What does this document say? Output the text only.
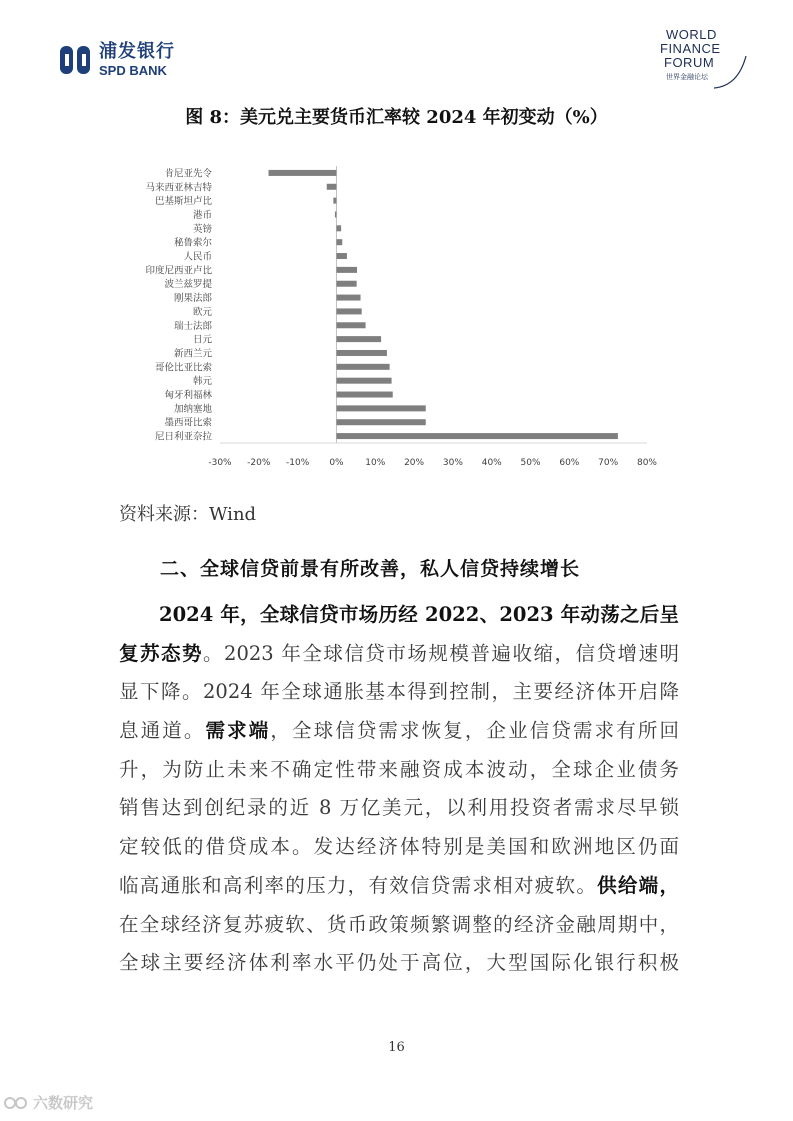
浦发银行
SPD BANK
WORLD
FINANCE
FORUM
世界金融论坛
图 8：美元兑主要货币汇率较 2024 年初变动（%）
肯尼亚先令
马来西亚林吉特
巴基斯坦卢比
港币
英镑
秘鲁索尔
人民币
印度尼西亚卢比
波兰兹罗提
刚果法郎
欧元
瑞士法郎
日元
新西兰元
哥伦比亚比索
韩元
匈牙利福林
加纳塞地
墨西哥比索
尼日利亚奈拉
-30% -20% -10% 0% 10% 20% 30% 40% 50% 60% 70% 80%
资料来源：Wind
二、全球信贷前景有所改善，私人信贷持续增长
2024 年，全球信贷市场历经 2022、2023 年动荡之后呈
复苏态势。2023 年全球信贷市场规模普遍收缩，信贷增速明
显下降。2024 年全球通胀基本得到控制，主要经济体开启降
息通道。需求端，全球信贷需求恢复，企业信贷需求有所回
升，为防止未来不确定性带来融资成本波动，全球企业债务
销售达到创纪录的近 8 万亿美元，以利用投资者需求尽早锁
定较低的借贷成本。发达经济体特别是美国和欧洲地区仍面
临高通胀和高利率的压力，有效信贷需求相对疲软。供给端，
在全球经济复苏疲软、货币政策频繁调整的经济金融周期中，
全球主要经济体利率水平仍处于高位，大型国际化银行积极
16
六数研究
